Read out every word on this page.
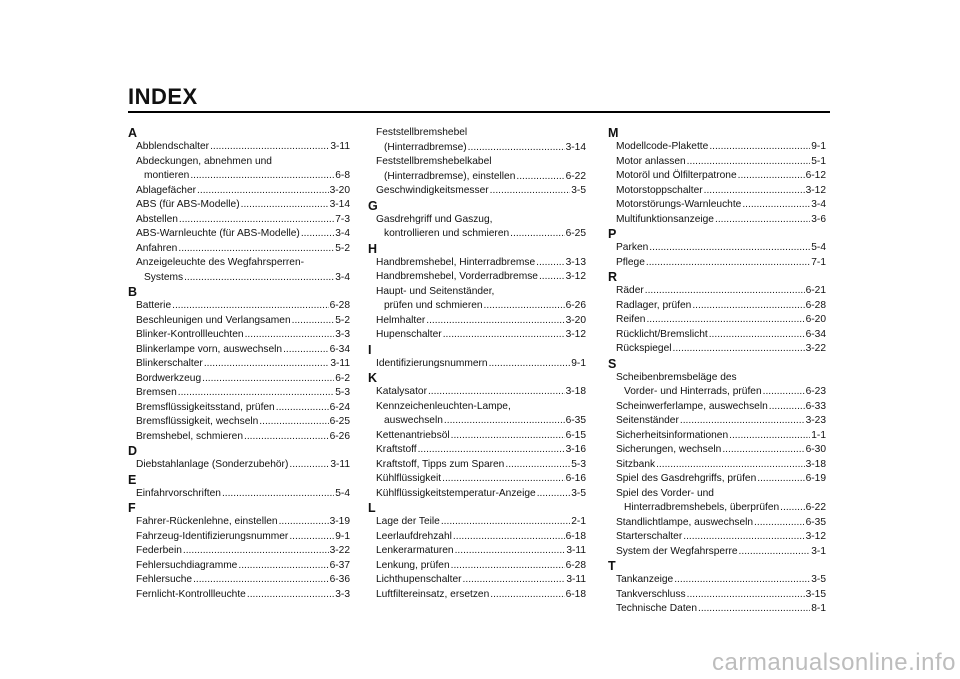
INDEX
A
Abblendschalter .....	3-11
Abdeckungen, abnehmen und
montieren .....	6-8
Ablagefächer .....	3-20
ABS (für ABS-Modelle) .....	3-14
Abstellen .....	7-3
ABS-Warnleuchte (für ABS-Modelle) .....	3-4
Anfahren .....	5-2
Anzeigeleuchte des Wegfahrsperren-
Systems .....	3-4
B
Batterie .....	6-28
Beschleunigen und Verlangsamen .....	5-2
Blinker-Kontrollleuchten .....	3-3
Blinkerlampe vorn, auswechseln .....	6-34
Blinkerschalter .....	3-11
Bordwerkzeug .....	6-2
Bremsen .....	5-3
Bremsflüssigkeitsstand, prüfen .....	6-24
Bremsflüssigkeit, wechseln .....	6-25
Bremshebel, schmieren .....	6-26
D
Diebstahlanlage (Sonderzubehör) .....	3-11
E
Einfahrvorschriften .....	5-4
F
Fahrer-Rückenlehne, einstellen .....	3-19
Fahrzeug-Identifizierungsnummer .....	9-1
Federbein .....	3-22
Fehlersuchdiagramme .....	6-37
Fehlersuche .....	6-36
Fernlicht-Kontrollleuchte .....	3-3
Feststellbremshebel
(Hinterradbremse) .....	3-14
Feststellbremshebelkabel
(Hinterradbremse), einstellen .....	6-22
Geschwindigkeitsmesser .....	3-5
G
Gasdrehgriff und Gaszug,
kontrollieren und schmieren .....	6-25
H
Handbremshebel, Hinterradbremse .....	3-13
Handbremshebel, Vorderradbremse .....	3-12
Haupt- und Seitenständer,
prüfen und schmieren .....	6-26
Helmhalter .....	3-20
Hupenschalter .....	3-12
I
Identifizierungsnummern .....	9-1
K
Katalysator .....	3-18
Kennzeichenleuchten-Lampe,
auswechseln .....	6-35
Kettenantriebsöl .....	6-15
Kraftstoff .....	3-16
Kraftstoff, Tipps zum Sparen .....	5-3
Kühlflüssigkeit .....	6-16
Kühlflüssigkeitstemperatur-Anzeige .....	3-5
L
Lage der Teile .....	2-1
Leerlaufdrehzahl .....	6-18
Lenkerarmaturen .....	3-11
Lenkung, prüfen .....	6-28
Lichthupenschalter .....	3-11
Luftfiltereinsatz, ersetzen .....	6-18
M
Modellcode-Plakette .....	9-1
Motor anlassen .....	5-1
Motoröl und Ölfilterpatrone .....	6-12
Motorstoppschalter .....	3-12
Motorstörungs-Warnleuchte .....	3-4
Multifunktionsanzeige .....	3-6
P
Parken .....	5-4
Pflege .....	7-1
R
Räder .....	6-21
Radlager, prüfen .....	6-28
Reifen .....	6-20
Rücklicht/Bremslicht .....	6-34
Rückspiegel .....	3-22
S
Scheibenbremsbeläge des
Vorder- und Hinterrads, prüfen .....	6-23
Scheinwerferlampe, auswechseln .....	6-33
Seitenständer .....	3-23
Sicherheitsinformationen .....	1-1
Sicherungen, wechseln .....	6-30
Sitzbank .....	3-18
Spiel des Gasdrehgriffs, prüfen .....	6-19
Spiel des Vorder- und
Hinterradbremshebels, überprüfen .....	6-22
Standlichtlampe, auswechseln .....	6-35
Starterschalter .....	3-12
System der Wegfahrsperre .....	3-1
T
Tankanzeige .....	3-5
Tankverschluss .....	3-15
Technische Daten .....	8-1
carmanualsonline.info
